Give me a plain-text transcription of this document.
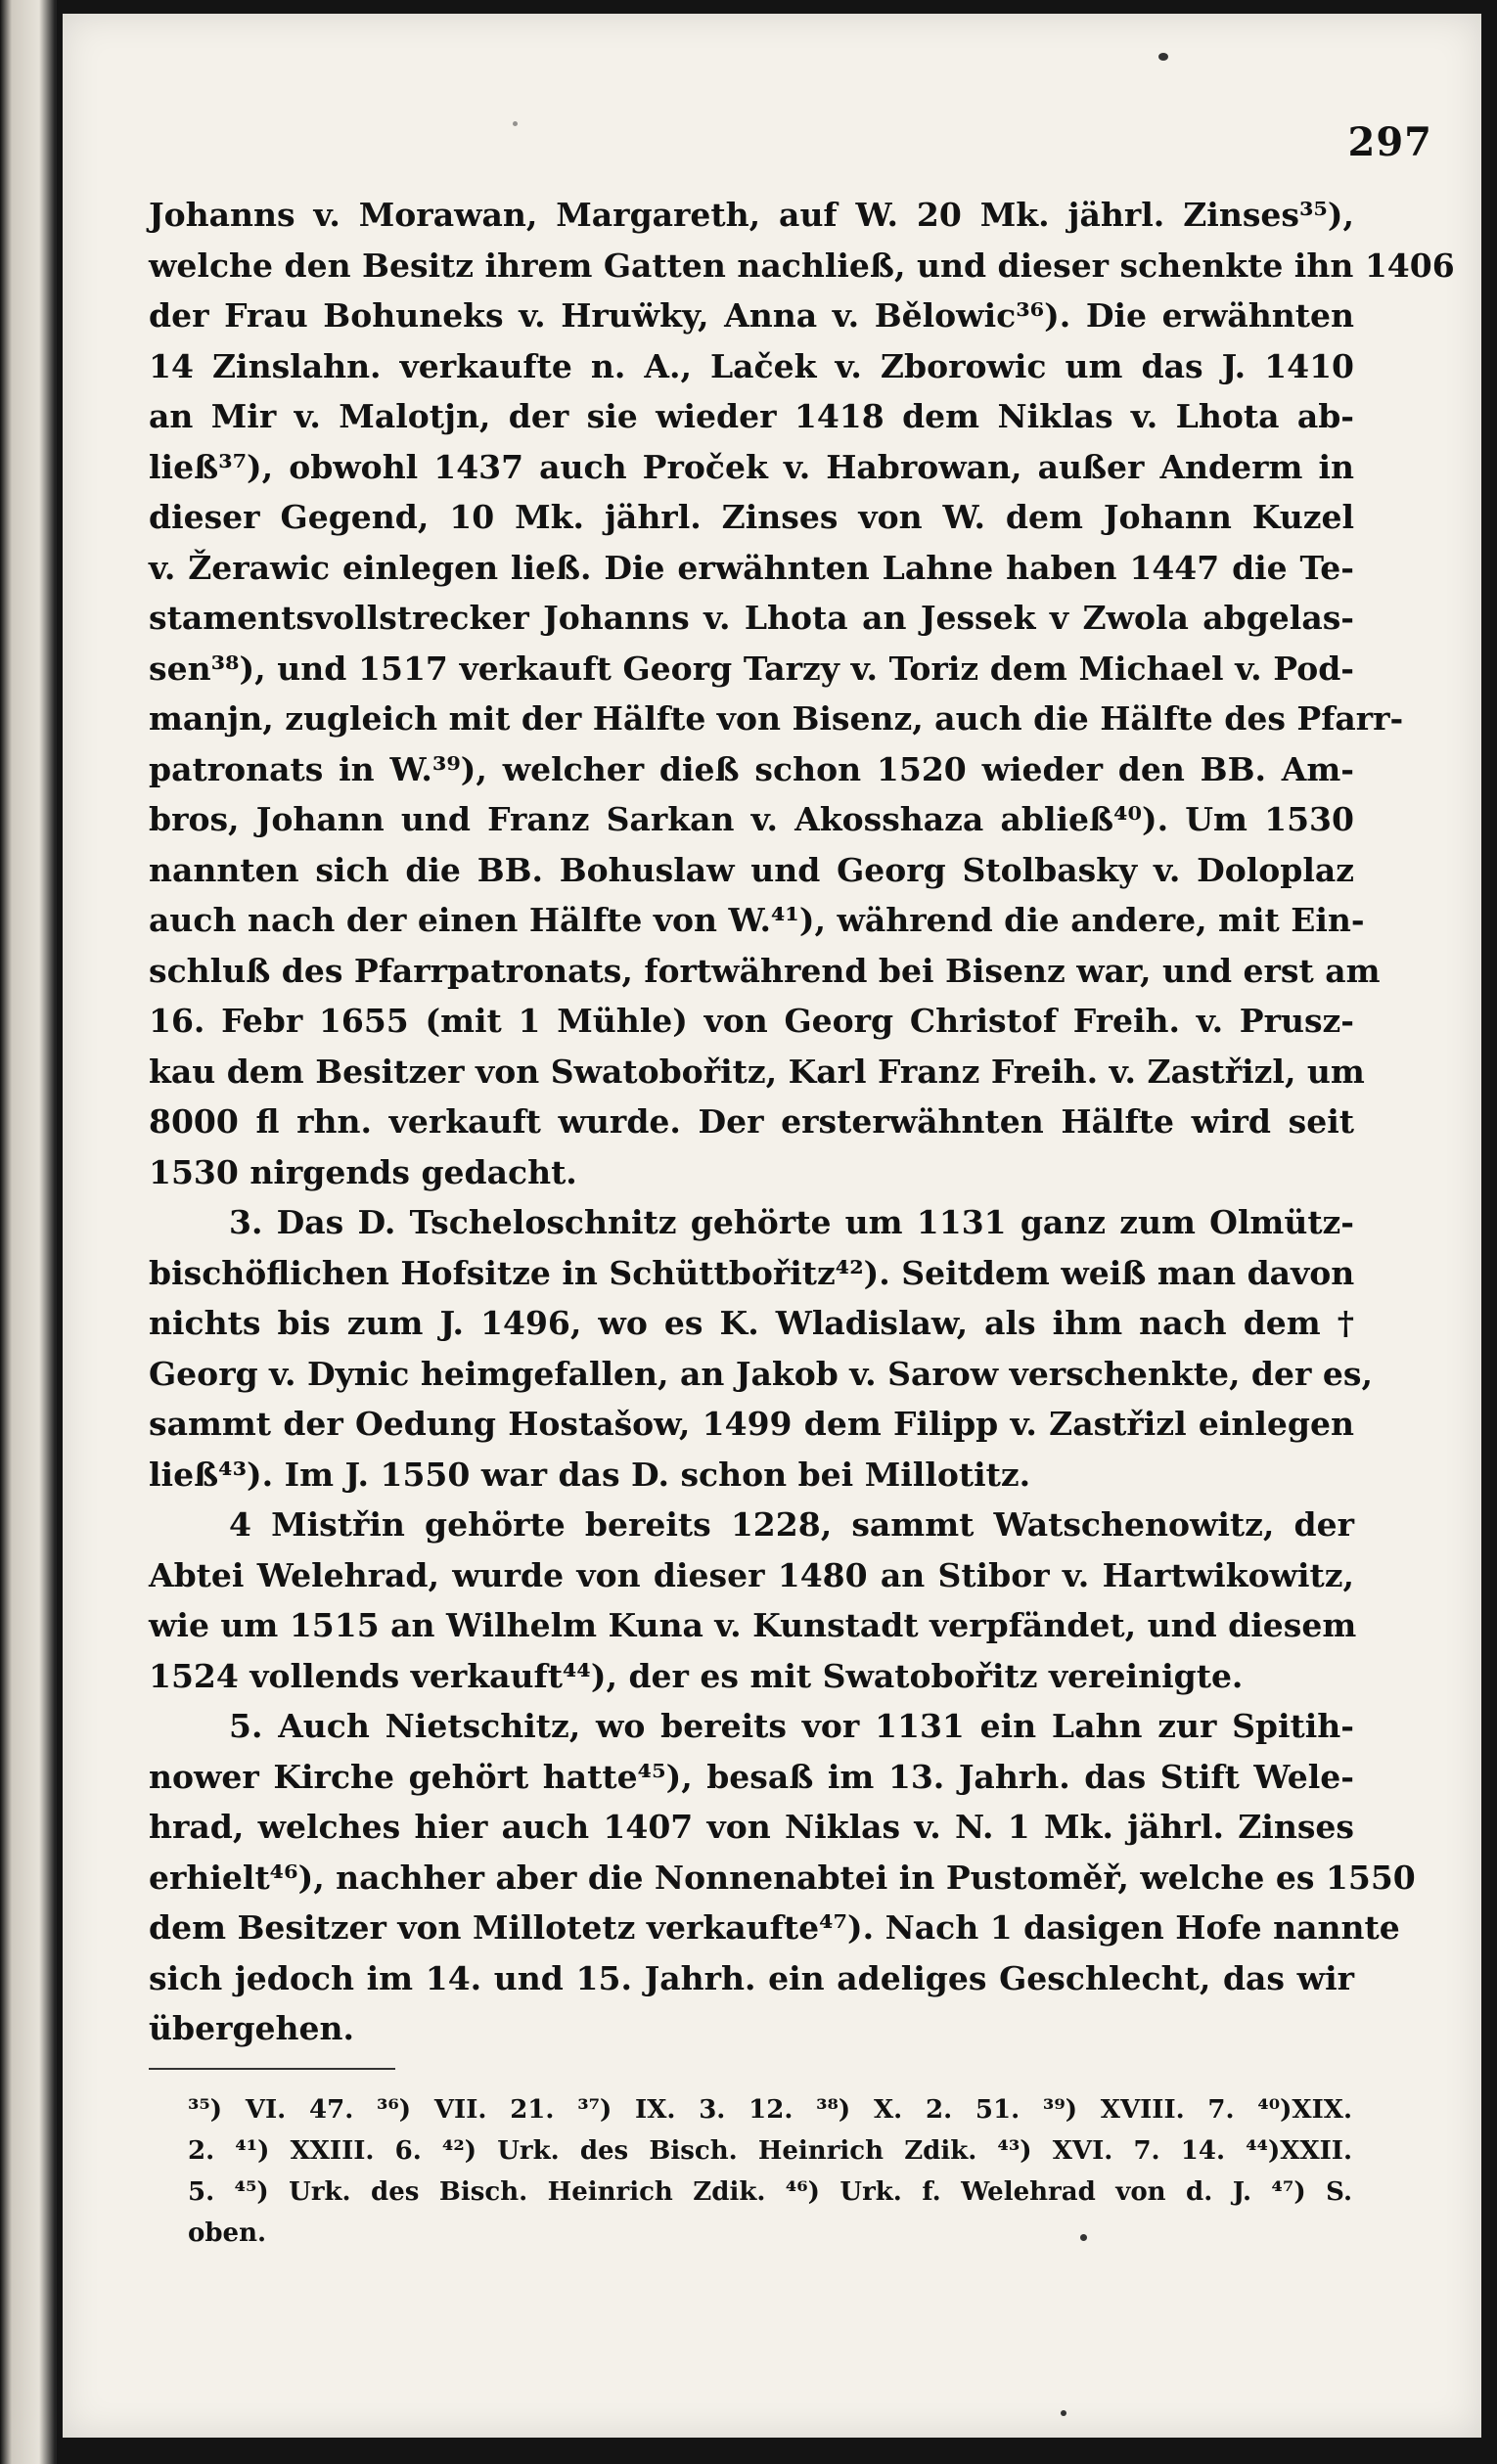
297
Johanns v. Morawan, Margareth, auf W. 20 Mk. jährl. Zinses³⁵),
welche den Besitz ihrem Gatten nachließ, und dieser schenkte ihn 1406
der Frau Bohuneks v. Hruẅky, Anna v. Bělowic³⁶). Die erwähnten
14 Zinslahn. verkaufte n. A., Laček v. Zborowic um das J. 1410
an Mir v. Malotjn, der sie wieder 1418 dem Niklas v. Lhota ab-
ließ³⁷), obwohl 1437 auch Proček v. Habrowan, außer Anderm in
dieser Gegend, 10 Mk. jährl. Zinses von W. dem Johann Kuzel
v. Žerawic einlegen ließ. Die erwähnten Lahne haben 1447 die Te-
stamentsvollstrecker Johanns v. Lhota an Jessek v Zwola abgelas-
sen³⁸), und 1517 verkauft Georg Tarzy v. Toriz dem Michael v. Pod-
manjn, zugleich mit der Hälfte von Bisenz, auch die Hälfte des Pfarr-
patronats in W.³⁹), welcher dieß schon 1520 wieder den BB. Am-
bros, Johann und Franz Sarkan v. Akosshaza abließ⁴⁰). Um 1530
nannten sich die BB. Bohuslaw und Georg Stolbasky v. Doloplaz
auch nach der einen Hälfte von W.⁴¹), während die andere, mit Ein-
schluß des Pfarrpatronats, fortwährend bei Bisenz war, und erst am
16. Febr 1655 (mit 1 Mühle) von Georg Christof Freih. v. Prusz-
kau dem Besitzer von Swatobořitz, Karl Franz Freih. v. Zastřizl, um
8000 fl rhn. verkauft wurde. Der ersterwähnten Hälfte wird seit
1530 nirgends gedacht.
3. Das D. Tscheloschnitz gehörte um 1131 ganz zum Olmütz-
bischöflichen Hofsitze in Schüttbořitz⁴²). Seitdem weiß man davon
nichts bis zum J. 1496, wo es K. Wladislaw, als ihm nach dem †
Georg v. Dynic heimgefallen, an Jakob v. Sarow verschenkte, der es,
sammt der Oedung Hostašow, 1499 dem Filipp v. Zastřizl einlegen
ließ⁴³). Im J. 1550 war das D. schon bei Millotitz.
4 Mistřin gehörte bereits 1228, sammt Watschenowitz, der
Abtei Welehrad, wurde von dieser 1480 an Stibor v. Hartwikowitz,
wie um 1515 an Wilhelm Kuna v. Kunstadt verpfändet, und diesem
1524 vollends verkauft⁴⁴), der es mit Swatobořitz vereinigte.
5. Auch Nietschitz, wo bereits vor 1131 ein Lahn zur Spitih-
nower Kirche gehört hatte⁴⁵), besaß im 13. Jahrh. das Stift Wele-
hrad, welches hier auch 1407 von Niklas v. N. 1 Mk. jährl. Zinses
erhielt⁴⁶), nachher aber die Nonnenabtei in Pustoměř, welche es 1550
dem Besitzer von Millotetz verkaufte⁴⁷). Nach 1 dasigen Hofe nannte
sich jedoch im 14. und 15. Jahrh. ein adeliges Geschlecht, das wir
übergehen.
³⁵) VI. 47. ³⁶) VII. 21. ³⁷) IX. 3. 12. ³⁸) X. 2. 51. ³⁹) XVIII. 7. ⁴⁰)XIX.
2. ⁴¹) XXIII. 6. ⁴²) Urk. des Bisch. Heinrich Zdik. ⁴³) XVI. 7. 14. ⁴⁴)XXII.
5. ⁴⁵) Urk. des Bisch. Heinrich Zdik. ⁴⁶) Urk. f. Welehrad von d. J. ⁴⁷) S.
oben.
